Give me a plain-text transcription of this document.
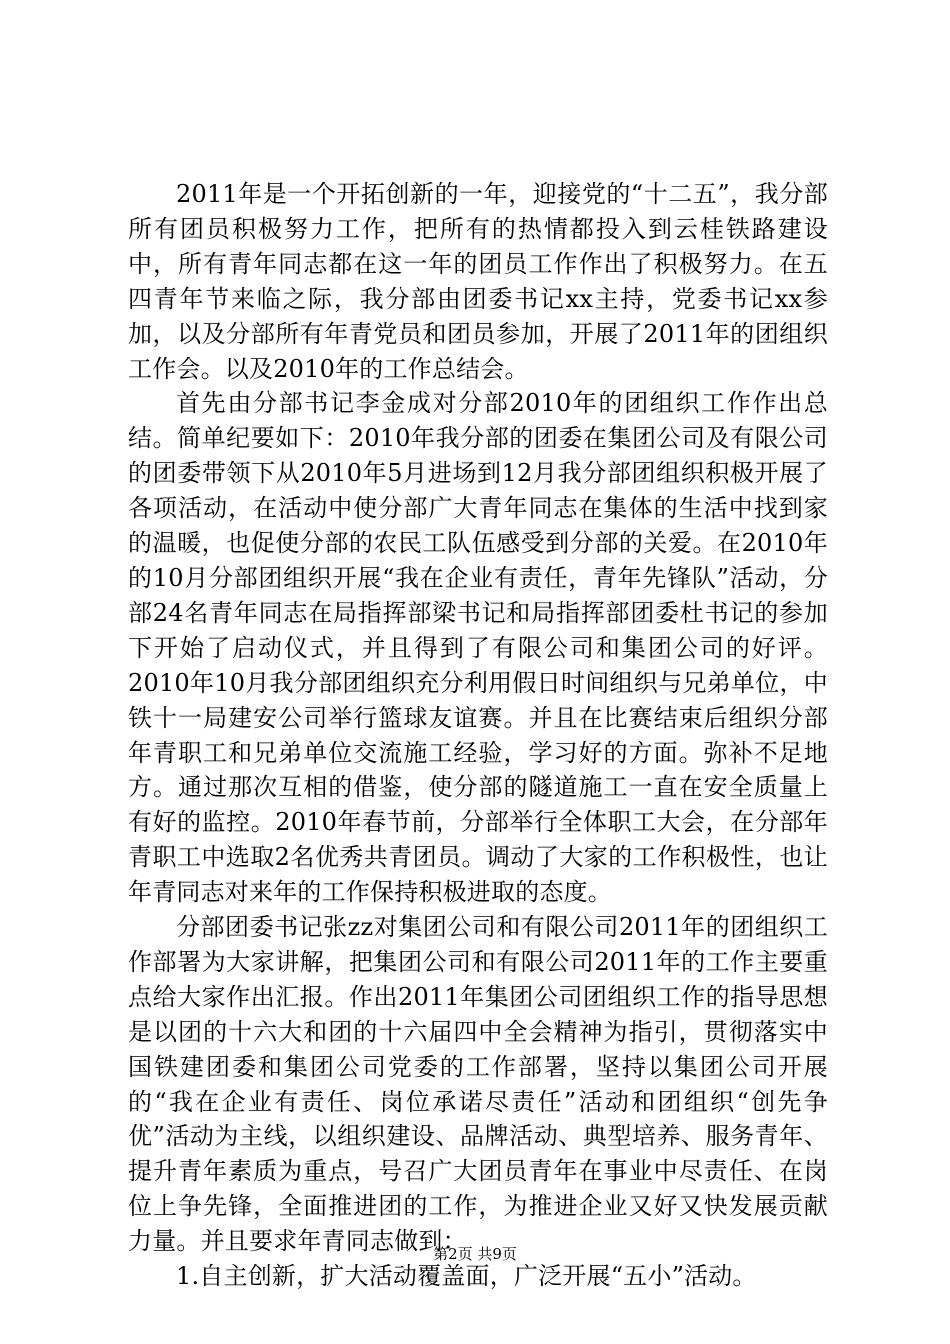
2011年是一个开拓创新的一年，迎接党的“十二五”，我分部所有团员积极努力工作，把所有的热情都投入到云桂铁路建设中，所有青年同志都在这一年的团员工作作出了积极努力。在五四青年节来临之际，我分部由团委书记xx主持，党委书记xx参加，以及分部所有年青党员和团员参加，开展了2011年的团组织工作会。以及2010年的工作总结会。

首先由分部书记李金成对分部2010年的团组织工作作出总结。简单纪要如下：2010年我分部的团委在集团公司及有限公司的团委带领下从2010年5月进场到12月我分部团组织积极开展了各项活动，在活动中使分部广大青年同志在集体的生活中找到家的温暖，也促使分部的农民工队伍感受到分部的关爱。在2010年的10月分部团组织开展“我在企业有责任，青年先锋队”活动，分部24名青年同志在局指挥部梁书记和局指挥部团委杜书记的参加下开始了启动仪式，并且得到了有限公司和集团公司的好评。2010年10月我分部团组织充分利用假日时间组织与兄弟单位，中铁十一局建安公司举行篮球友谊赛。并且在比赛结束后组织分部年青职工和兄弟单位交流施工经验，学习好的方面。弥补不足地方。通过那次互相的借鉴，使分部的隧道施工一直在安全质量上有好的监控。2010年春节前，分部举行全体职工大会，在分部年青职工中选取2名优秀共青团员。调动了大家的工作积极性，也让年青同志对来年的工作保持积极进取的态度。

分部团委书记张zz对集团公司和有限公司2011年的团组织工作部署为大家讲解，把集团公司和有限公司2011年的工作主要重点给大家作出汇报。作出2011年集团公司团组织工作的指导思想是以团的十六大和团的十六届四中全会精神为指引，贯彻落实中国铁建团委和集团公司党委的工作部署，坚持以集团公司开展的“我在企业有责任、岗位承诺尽责任”活动和团组织“创先争优”活动为主线，以组织建设、品牌活动、典型培养、服务青年、提升青年素质为重点，号召广大团员青年在事业中尽责任、在岗位上争先锋，全面推进团的工作，为推进企业又好又快发展贡献力量。并且要求年青同志做到：

1.自主创新，扩大活动覆盖面，广泛开展“五小”活动。

第2页 共9页
